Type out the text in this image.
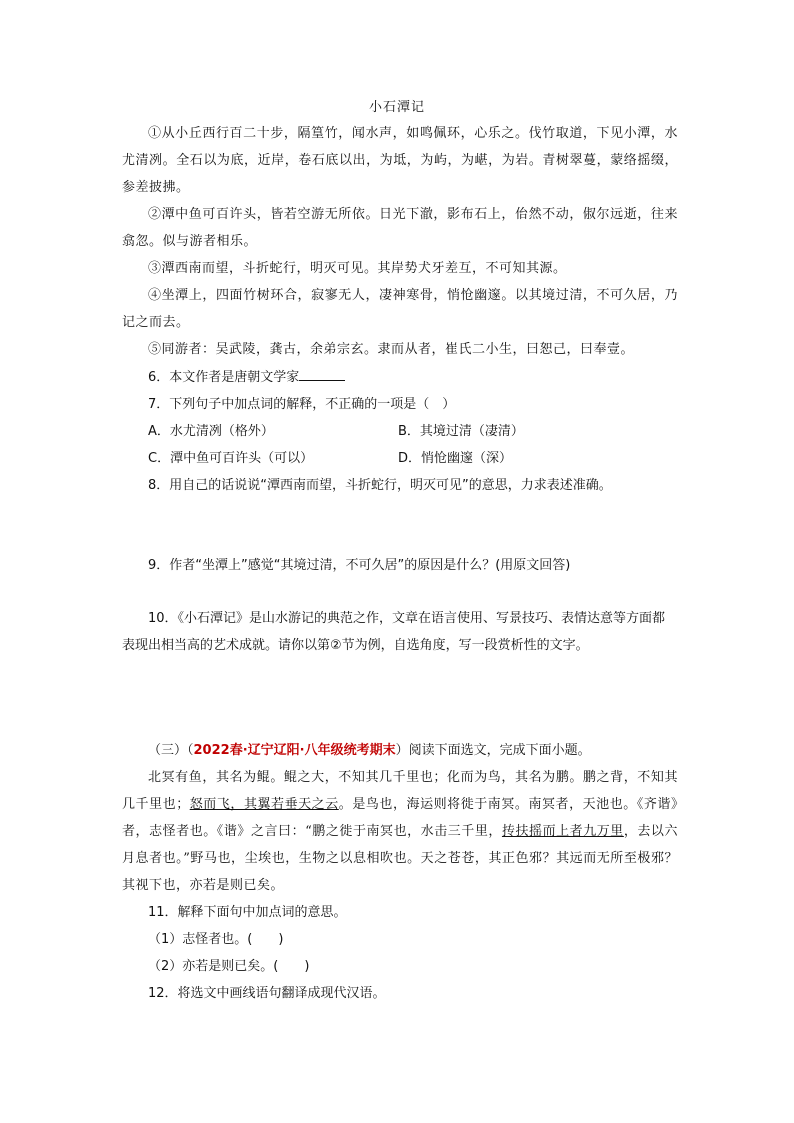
小石潭记

①从小丘西行百二十步，隔篁竹，闻水声，如鸣佩环，心乐之。伐竹取道，下见小潭，水尤清冽。全石以为底，近岸，卷石底以出，为坻，为屿，为嵁，为岩。青树翠蔓，蒙络摇缀，参差披拂。

②潭中鱼可百许头，皆若空游无所依。日光下澈，影布石上，佁然不动，俶尔远逝，往来翕忽。似与游者相乐。

③潭西南而望，斗折蛇行，明灭可见。其岸势犬牙差互，不可知其源。

④坐潭上，四面竹树环合，寂寥无人，凄神寒骨，悄怆幽邃。以其境过清，不可久居，乃记之而去。

⑤同游者：吴武陵，龚古，余弟宗玄。隶而从者，崔氏二小生，曰恕己，曰奉壹。

6．本文作者是唐朝文学家

7．下列句子中加点词的解释，不正确的一项是（　）

A．水尤清冽（格外）	B．其境过清（凄清）
C．潭中鱼可百许头（可以）	D．悄怆幽邃（深）

8．用自己的话说说“潭西南而望，斗折蛇行，明灭可见”的意思，力求表述准确。

9．作者“坐潭上”感觉“其境过清，不可久居”的原因是什么？(用原文回答)

10．《小石潭记》是山水游记的典范之作，文章在语言使用、写景技巧、表情达意等方面都表现出相当高的艺术成就。请你以第②节为例，自选角度，写一段赏析性的文字。

（三）（2022春·辽宁辽阳·八年级统考期末）阅读下面选文，完成下面小题。

北冥有鱼，其名为鲲。鲲之大，不知其几千里也；化而为鸟，其名为鹏。鹏之背，不知其几千里也；怒而飞，其翼若垂天之云。是鸟也，海运则将徙于南冥。南冥者，天池也。《齐谐》者，志怪者也。《谐》之言曰：“鹏之徙于南冥也，水击三千里，抟扶摇而上者九万里，去以六月息者也。”野马也，尘埃也，生物之以息相吹也。天之苍苍，其正色邪？其远而无所至极邪？其视下也，亦若是则已矣。

11．解释下面句中加点词的意思。

（1）志怪者也。(　　)

（2）亦若是则已矣。(　　)

12．将选文中画线语句翻译成现代汉语。
